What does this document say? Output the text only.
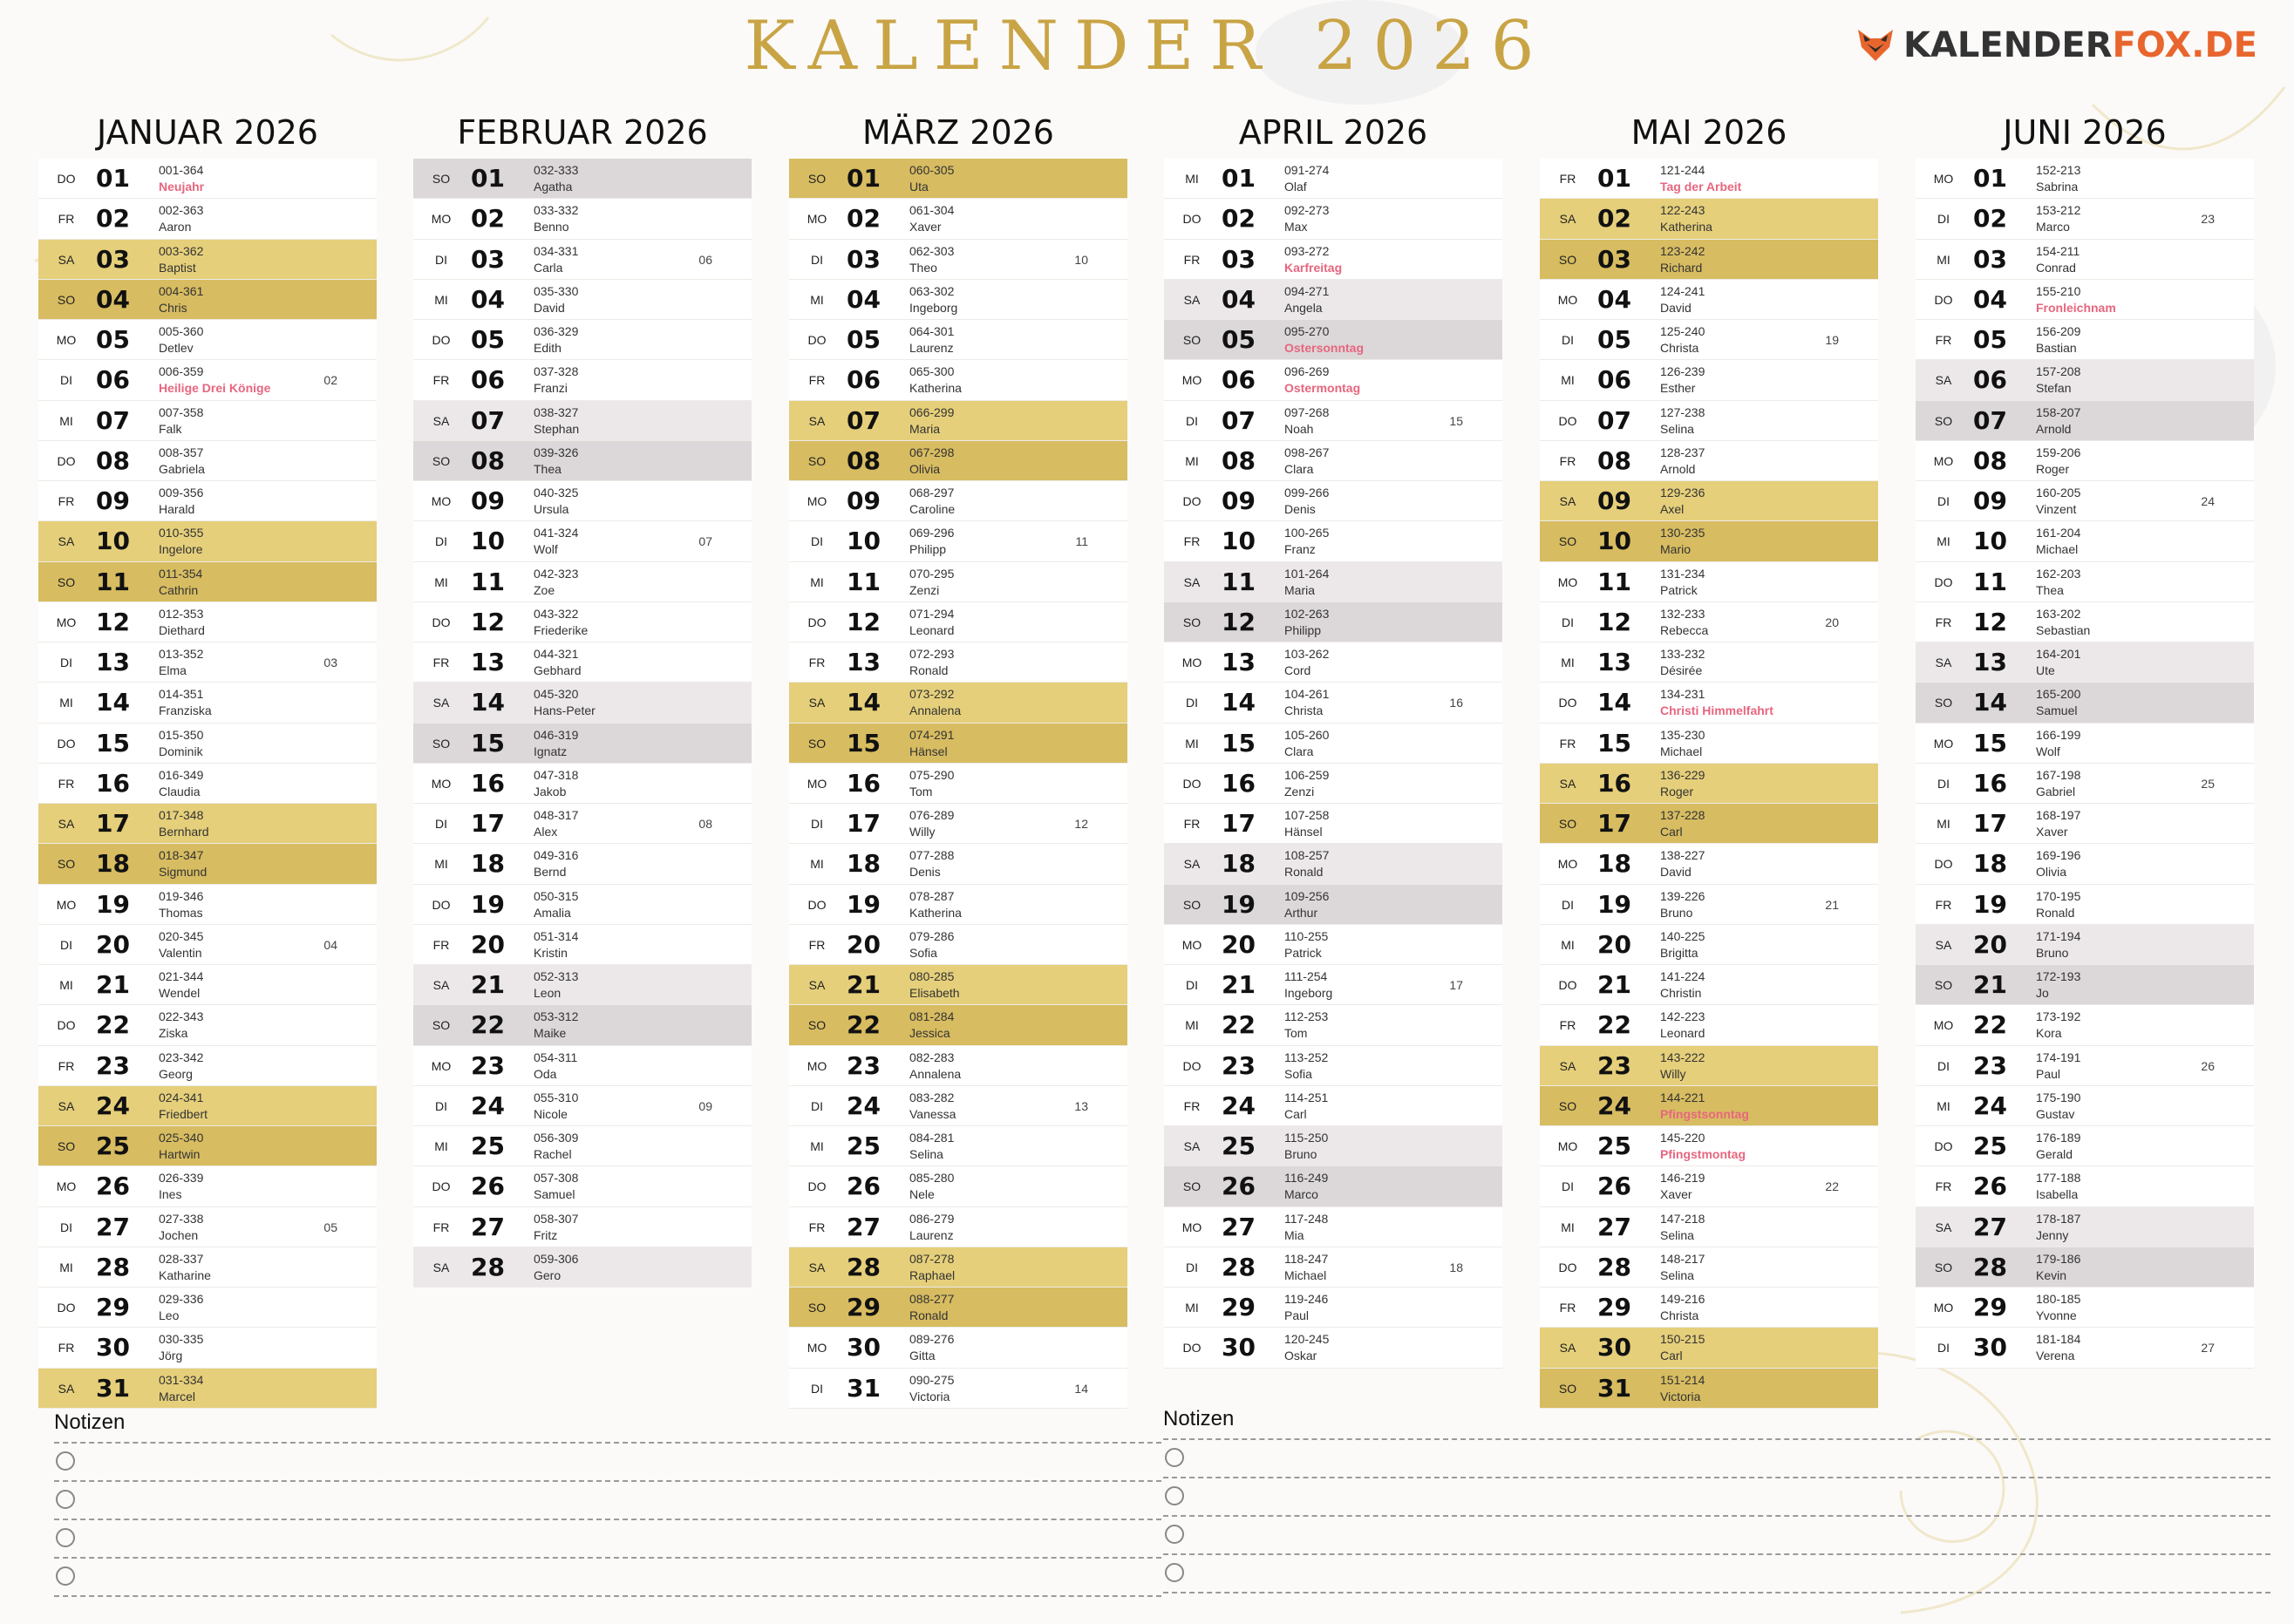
KALENDER 2026	KALENDER FOX.DE
JANUAR 2026
DO 01 001-364
Neujahr
FR 02 002-363
Aaron
SA 03 003-362
Baptist
SO 04 004-361
Chris
MO 05 005-360
Detlev
DI 06 006-359
Heilige Drei Könige
02
MI 07 007-358
Falk
DO 08 008-357
Gabriela
FR 09 009-356
Harald
SA 10 010-355
Ingelore
SO 11 011-354
Cathrin
MO 12 012-353
Diethard
DI 13 013-352
Elma
03
MI 14 014-351
Franziska
DO 15 015-350
Dominik
FR 16 016-349
Claudia
SA 17 017-348
Bernhard
SO 18 018-347
Sigmund
MO 19 019-346
Thomas
DI 20 020-345
Valentin
04
MI 21 021-344
Wendel
DO 22 022-343
Ziska
FR 23 023-342
Georg
SA 24 024-341
Friedbert
SO 25 025-340
Hartwin
MO 26 026-339
Ines
DI 27 027-338
Jochen
05
MI 28 028-337
Katharine
DO 29 029-336
Leo
FR 30 030-335
Jörg
SA 31 031-334
Marcel
FEBRUAR 2026
SO 01 032-333
Agatha
MO 02 033-332
Benno
DI 03 034-331
Carla
06
MI 04 035-330
David
DO 05 036-329
Edith
FR 06 037-328
Franzi
SA 07 038-327
Stephan
SO 08 039-326
Thea
MO 09 040-325
Ursula
DI 10 041-324
Wolf
07
MI 11 042-323
Zoe
DO 12 043-322
Friederike
FR 13 044-321
Gebhard
SA 14 045-320
Hans-Peter
SO 15 046-319
Ignatz
MO 16 047-318
Jakob
DI 17 048-317
Alex
08
MI 18 049-316
Bernd
DO 19 050-315
Amalia
FR 20 051-314
Kristin
SA 21 052-313
Leon
SO 22 053-312
Maike
MO 23 054-311
Oda
DI 24 055-310
Nicole
09
MI 25 056-309
Rachel
DO 26 057-308
Samuel
FR 27 058-307
Fritz
SA 28 059-306
Gero
MÄRZ 2026
SO 01 060-305
Uta
MO 02 061-304
Xaver
DI 03 062-303
Theo
10
MI 04 063-302
Ingeborg
DO 05 064-301
Laurenz
FR 06 065-300
Katherina
SA 07 066-299
Maria
SO 08 067-298
Olivia
MO 09 068-297
Caroline
DI 10 069-296
Philipp
11
MI 11 070-295
Zenzi
DO 12 071-294
Leonard
FR 13 072-293
Ronald
SA 14 073-292
Annalena
SO 15 074-291
Hänsel
MO 16 075-290
Tom
DI 17 076-289
Willy
12
MI 18 077-288
Denis
DO 19 078-287
Katherina
FR 20 079-286
Sofia
SA 21 080-285
Elisabeth
SO 22 081-284
Jessica
MO 23 082-283
Annalena
DI 24 083-282
Vanessa
13
MI 25 084-281
Selina
DO 26 085-280
Nele
FR 27 086-279
Laurenz
SA 28 087-278
Raphael
SO 29 088-277
Ronald
MO 30 089-276
Gitta
DI 31 090-275
Victoria
14
APRIL 2026
MI 01 091-274
Olaf
DO 02 092-273
Max
FR 03 093-272
Karfreitag
SA 04 094-271
Angela
SO 05 095-270
Ostersonntag
MO 06 096-269
Ostermontag
DI 07 097-268
Noah
15
MI 08 098-267
Clara
DO 09 099-266
Denis
FR 10 100-265
Franz
SA 11 101-264
Maria
SO 12 102-263
Philipp
MO 13 103-262
Cord
DI 14 104-261
Christa
16
MI 15 105-260
Clara
DO 16 106-259
Zenzi
FR 17 107-258
Hänsel
SA 18 108-257
Ronald
SO 19 109-256
Arthur
MO 20 110-255
Patrick
DI 21 111-254
Ingeborg
17
MI 22 112-253
Tom
DO 23 113-252
Sofia
FR 24 114-251
Carl
SA 25 115-250
Bruno
SO 26 116-249
Marco
MO 27 117-248
Mia
DI 28 118-247
Michael
18
MI 29 119-246
Paul
DO 30 120-245
Oskar
MAI 2026
FR 01 121-244
Tag der Arbeit
SA 02 122-243
Katherina
SO 03 123-242
Richard
MO 04 124-241
David
DI 05 125-240
Christa
19
MI 06 126-239
Esther
DO 07 127-238
Selina
FR 08 128-237
Arnold
SA 09 129-236
Axel
SO 10 130-235
Mario
MO 11 131-234
Patrick
DI 12 132-233
Rebecca
20
MI 13 133-232
Désirée
DO 14 134-231
Christi Himmelfahrt
FR 15 135-230
Michael
SA 16 136-229
Roger
SO 17 137-228
Carl
MO 18 138-227
David
DI 19 139-226
Bruno
21
MI 20 140-225
Brigitta
DO 21 141-224
Christin
FR 22 142-223
Leonard
SA 23 143-222
Willy
SO 24 144-221
Pfingstsonntag
MO 25 145-220
Pfingstmontag
DI 26 146-219
Xaver
22
MI 27 147-218
Selina
DO 28 148-217
Selina
FR 29 149-216
Christa
SA 30 150-215
Carl
SO 31 151-214
Victoria
JUNI 2026
MO 01 152-213
Sabrina
DI 02 153-212
Marco
23
MI 03 154-211
Conrad
DO 04 155-210
Fronleichnam
FR 05 156-209
Bastian
SA 06 157-208
Stefan
SO 07 158-207
Arnold
MO 08 159-206
Roger
DI 09 160-205
Vinzent
24
MI 10 161-204
Michael
DO 11 162-203
Thea
FR 12 163-202
Sebastian
SA 13 164-201
Ute
SO 14 165-200
Samuel
MO 15 166-199
Wolf
DI 16 167-198
Gabriel
25
MI 17 168-197
Xaver
DO 18 169-196
Olivia
FR 19 170-195
Ronald
SA 20 171-194
Bruno
SO 21 172-193
Jo
MO 22 173-192
Kora
DI 23 174-191
Paul
26
MI 24 175-190
Gustav
DO 25 176-189
Gerald
FR 26 177-188
Isabella
SA 27 178-187
Jenny
SO 28 179-186
Kevin
MO 29 180-185
Yvonne
DI 30 181-184
Verena
27
Notizen	Notizen
